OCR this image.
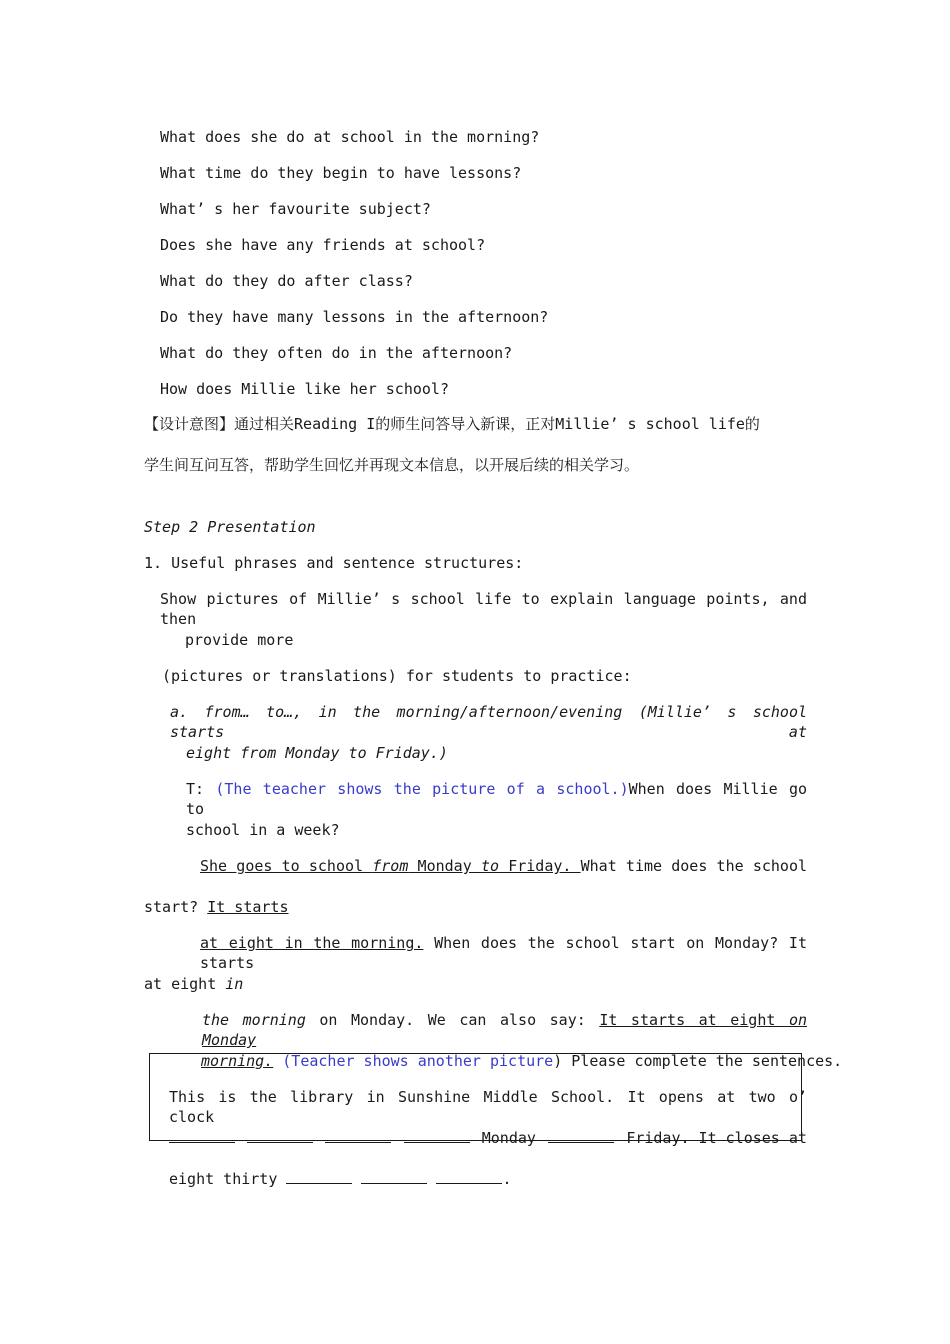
What does she do at school in the morning?
What time do they begin to have lessons?
What’ s her favourite subject?
Does she have any friends at school?
What do they do after class?
Do they have many lessons in the afternoon?
What do they often do in the afternoon?
How does Millie like her school?
【设计意图】通过相关Reading I的师生问答导入新课，正对Millie’ s school life的
学生间互问互答，帮助学生回忆并再现文本信息，以开展后续的相关学习。
Step 2 Presentation
1. Useful phrases and sentence structures:
Show pictures of Millie’ s school life to explain language points, and then
provide more
(pictures or translations) for students to practice:
a. from… to…, in the morning/afternoon/evening (Millie’ s school starts at
eight from Monday to Friday.)
T: (The teacher shows the picture of a school.)When does Millie go to
school in a week?
She goes to school from Monday to Friday. What time does the school
start? It starts
at eight in the morning. When does the school start on Monday? It starts
at eight in
the morning on Monday. We can also say: It starts at eight on Monday
morning. (Teacher shows another picture) Please complete the sentences.
This is the library in Sunshine Middle School. It opens at two o’ clock
Monday	Friday. It closes at
eight thirty	.
